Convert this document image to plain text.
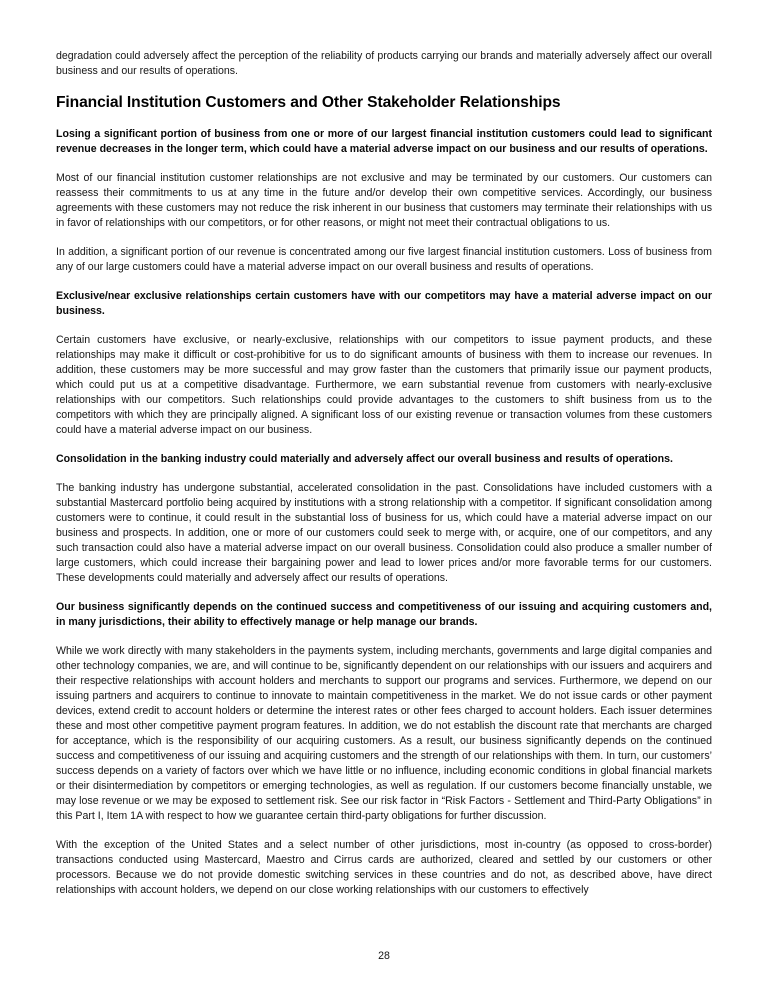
degradation could adversely affect the perception of the reliability of products carrying our brands and materially adversely affect our overall business and our results of operations.

Financial Institution Customers and Other Stakeholder Relationships

Losing a significant portion of business from one or more of our largest financial institution customers could lead to significant revenue decreases in the longer term, which could have a material adverse impact on our business and our results of operations.

Most of our financial institution customer relationships are not exclusive and may be terminated by our customers. Our customers can reassess their commitments to us at any time in the future and/or develop their own competitive services. Accordingly, our business agreements with these customers may not reduce the risk inherent in our business that customers may terminate their relationships with us in favor of relationships with our competitors, or for other reasons, or might not meet their contractual obligations to us.

In addition, a significant portion of our revenue is concentrated among our five largest financial institution customers. Loss of business from any of our large customers could have a material adverse impact on our overall business and results of operations.

Exclusive/near exclusive relationships certain customers have with our competitors may have a material adverse impact on our business.

Certain customers have exclusive, or nearly-exclusive, relationships with our competitors to issue payment products, and these relationships may make it difficult or cost-prohibitive for us to do significant amounts of business with them to increase our revenues. In addition, these customers may be more successful and may grow faster than the customers that primarily issue our payment products, which could put us at a competitive disadvantage. Furthermore, we earn substantial revenue from customers with nearly-exclusive relationships with our competitors. Such relationships could provide advantages to the customers to shift business from us to the competitors with which they are principally aligned. A significant loss of our existing revenue or transaction volumes from these customers could have a material adverse impact on our business.

Consolidation in the banking industry could materially and adversely affect our overall business and results of operations.

The banking industry has undergone substantial, accelerated consolidation in the past. Consolidations have included customers with a substantial Mastercard portfolio being acquired by institutions with a strong relationship with a competitor. If significant consolidation among customers were to continue, it could result in the substantial loss of business for us, which could have a material adverse impact on our business and prospects. In addition, one or more of our customers could seek to merge with, or acquire, one of our competitors, and any such transaction could also have a material adverse impact on our overall business. Consolidation could also produce a smaller number of large customers, which could increase their bargaining power and lead to lower prices and/or more favorable terms for our customers. These developments could materially and adversely affect our results of operations.

Our business significantly depends on the continued success and competitiveness of our issuing and acquiring customers and, in many jurisdictions, their ability to effectively manage or help manage our brands.

While we work directly with many stakeholders in the payments system, including merchants, governments and large digital companies and other technology companies, we are, and will continue to be, significantly dependent on our relationships with our issuers and acquirers and their respective relationships with account holders and merchants to support our programs and services. Furthermore, we depend on our issuing partners and acquirers to continue to innovate to maintain competitiveness in the market. We do not issue cards or other payment devices, extend credit to account holders or determine the interest rates or other fees charged to account holders. Each issuer determines these and most other competitive payment program features. In addition, we do not establish the discount rate that merchants are charged for acceptance, which is the responsibility of our acquiring customers. As a result, our business significantly depends on the continued success and competitiveness of our issuing and acquiring customers and the strength of our relationships with them. In turn, our customers’ success depends on a variety of factors over which we have little or no influence, including economic conditions in global financial markets or their disintermediation by competitors or emerging technologies, as well as regulation. If our customers become financially unstable, we may lose revenue or we may be exposed to settlement risk. See our risk factor in “Risk Factors - Settlement and Third-Party Obligations” in this Part I, Item 1A with respect to how we guarantee certain third-party obligations for further discussion.

With the exception of the United States and a select number of other jurisdictions, most in-country (as opposed to cross-border) transactions conducted using Mastercard, Maestro and Cirrus cards are authorized, cleared and settled by our customers or other processors. Because we do not provide domestic switching services in these countries and do not, as described above, have direct relationships with account holders, we depend on our close working relationships with our customers to effectively

28
